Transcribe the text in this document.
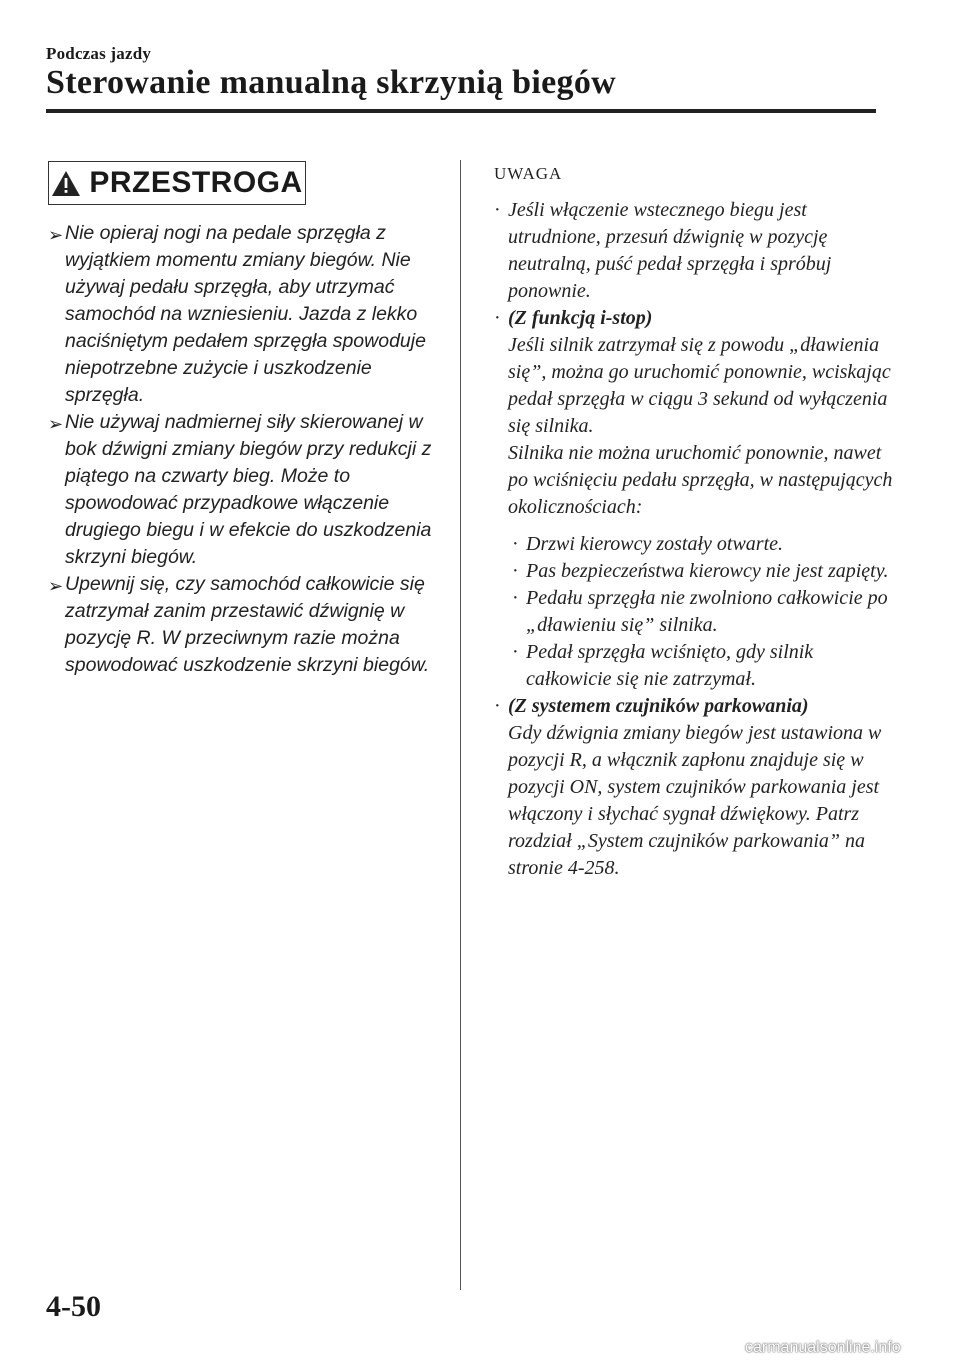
Podczas jazdy
Sterowanie manualną skrzynią biegów
PRZESTROGA
➢ Nie opieraj nogi na pedale sprzęgła z wyjątkiem momentu zmiany biegów. Nie używaj pedału sprzęgła, aby utrzymać samochód na wzniesieniu. Jazda z lekko naciśniętym pedałem sprzęgła spowoduje niepotrzebne zużycie i uszkodzenie sprzęgła.
➢ Nie używaj nadmiernej siły skierowanej w bok dźwigni zmiany biegów przy redukcji z piątego na czwarty bieg. Może to spowodować przypadkowe włączenie drugiego biegu i w efekcie do uszkodzenia skrzyni biegów.
➢ Upewnij się, czy samochód całkowicie się zatrzymał zanim przestawić dźwignię w pozycję R. W przeciwnym razie można spowodować uszkodzenie skrzyni biegów.
UWAGA
· Jeśli włączenie wstecznego biegu jest utrudnione, przesuń dźwignię w pozycję neutralną, puść pedał sprzęgła i spróbuj ponownie.

· (Z funkcją i-stop)

Jeśli silnik zatrzymał się z powodu „dławienia się”, można go uruchomić ponownie, wciskając pedał sprzęgła w ciągu 3 sekund od wyłączenia się silnika.

Silnika nie można uruchomić ponownie, nawet po wciśnięciu pedału sprzęgła, w następujących okolicznościach:

· Drzwi kierowcy zostały otwarte.
· Pas bezpieczeństwa kierowcy nie jest zapięty.
· Pedału sprzęgła nie zwolniono całkowicie po „dławieniu się” silnika.
· Pedał sprzęgła wciśnięto, gdy silnik całkowicie się nie zatrzymał.
· (Z systemem czujników parkowania)

Gdy dźwignia zmiany biegów jest ustawiona w pozycji R, a włącznik zapłonu znajduje się w pozycji ON, system czujników parkowania jest włączony i słychać sygnał dźwiękowy. Patrz rozdział „System czujników parkowania” na stronie 4-258.

4-50
carmanualsonline.info
